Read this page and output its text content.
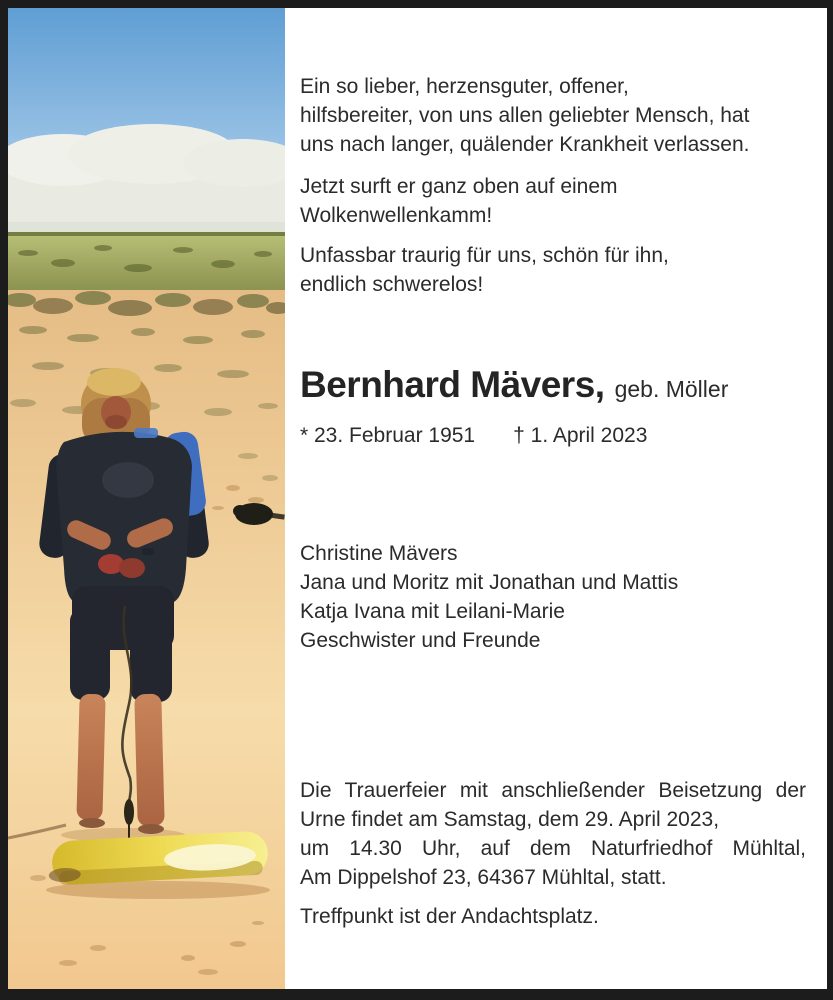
Ein so lieber, herzensguter, offener,
hilfsbereiter, von uns allen geliebter Mensch, hat
uns nach langer, quälender Krankheit verlassen.
Jetzt surft er ganz oben auf einem
Wolkenwellenkamm!
Unfassbar traurig für uns, schön für ihn,
endlich schwerelos!
Bernhard Mävers, geb. Möller
* 23. Februar 1951 † 1. April 2023
Christine Mävers
Jana und Moritz mit Jonathan und Mattis
Katja Ivana mit Leilani-Marie
Geschwister und Freunde
Die Trauerfeier mit anschließender Beisetzung der
Urne findet am Samstag, dem 29. April 2023,
um 14.30 Uhr, auf dem Naturfriedhof Mühltal,
Am Dippelshof 23, 64367 Mühltal, statt.
Treffpunkt ist der Andachtsplatz.
